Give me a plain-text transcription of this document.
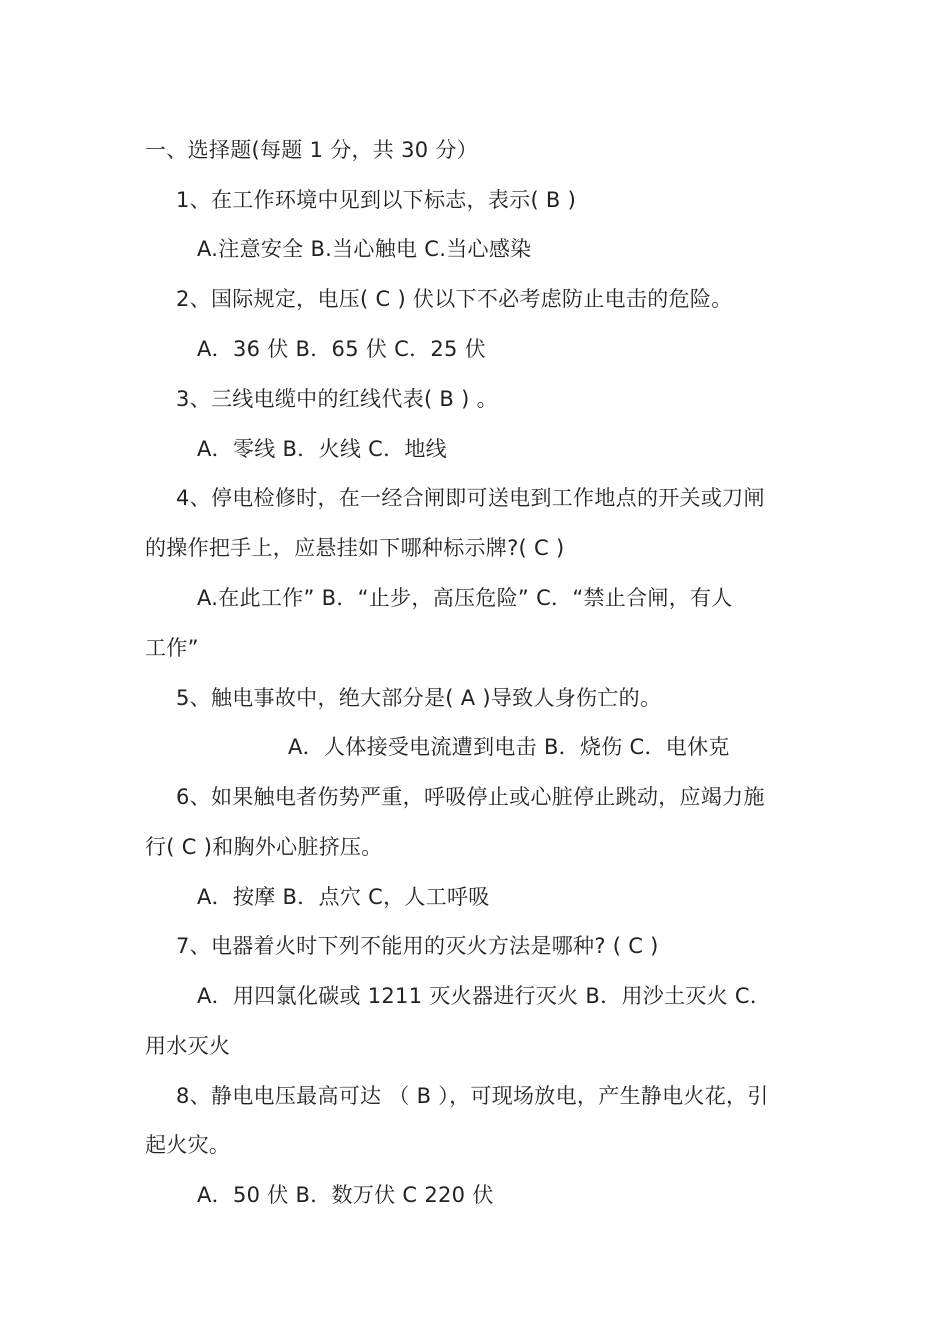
一、选择题(每题 1 分，共 30 分）
1、在工作环境中见到以下标志，表示( B )
A.注意安全 B.当心触电 C.当心感染
2、国际规定，电压( C ) 伏以下不必考虑防止电击的危险。
A．36 伏 B．65 伏 C．25 伏
3、三线电缆中的红线代表( B ) 。
A．零线 B．火线 C．地线
4、停电检修时，在一经合闸即可送电到工作地点的开关或刀闸
的操作把手上，应悬挂如下哪种标示牌?( C )
A.在此工作” B．“止步，高压危险” C．“禁止合闸，有人
工作”
5、触电事故中，绝大部分是( A )导致人身伤亡的。
A．人体接受电流遭到电击 B．烧伤 C．电休克
6、如果触电者伤势严重，呼吸停止或心脏停止跳动，应竭力施
行( C )和胸外心脏挤压。
A．按摩 B．点穴 C，人工呼吸
7、电器着火时下列不能用的灭火方法是哪种? ( C )
A．用四氯化碳或 1211 灭火器进行灭火 B．用沙土灭火 C．
用水灭火
8、静电电压最高可达 （ B ），可现场放电，产生静电火花，引
起火灾。
A．50 伏 B．数万伏 C 220 伏
